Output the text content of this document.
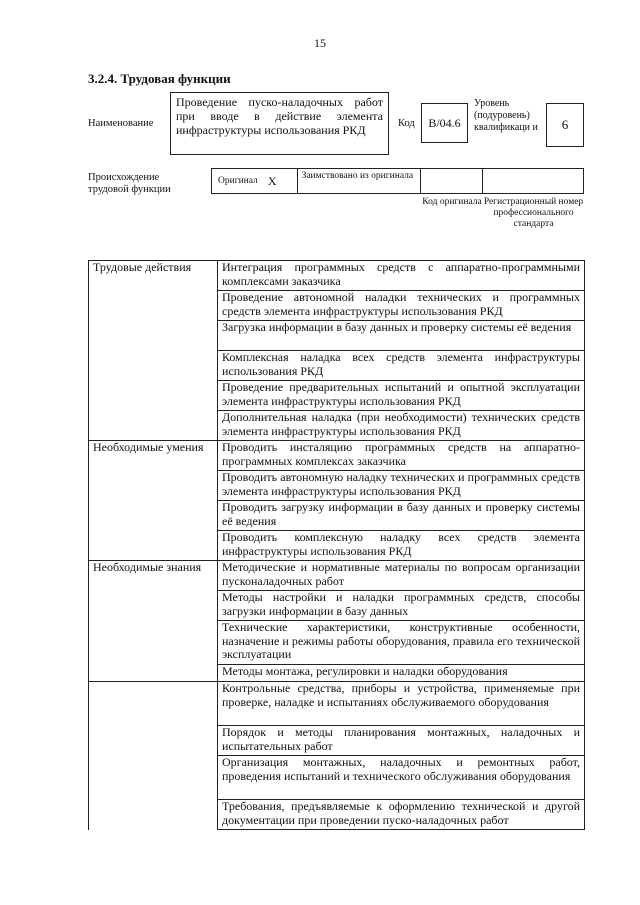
15
3.2.4. Трудовая функции
Наименование
Проведение пуско-наладочных работ при вводе в действие элемента инфраструктуры использования РКД	Код	В/04.6
Уровень (подуровень) квалификаци и	6
Происхождение трудовой функции
Оригинал X	Заимствовано из оригинала
Код оригинала Регистрационный номер профессионального стандарта
Трудовые действия	Интеграция программных средств с аппаратно-программными комплексами заказчика
	Проведение автономной наладки технических и программных средств элемента инфраструктуры использования РКД
	Загрузка информации в базу данных и проверку системы её ведения
	Комплексная наладка всех средств элемента инфраструктуры использования РКД
	Проведение предварительных испытаний и опытной эксплуатации элемента инфраструктуры использования РКД
	Дополнительная наладка (при необходимости) технических средств элемента инфраструктуры использования РКД
Необходимые умения	Проводить инсталяцию программных средств на аппаратно-программных комплексах заказчика
	Проводить автономную наладку технических и программных средств элемента инфраструктуры использования РКД
	Проводить загрузку информации в базу данных и проверку системы её ведения
	Проводить комплексную наладку всех средств элемента инфраструктуры использования РКД
Необходимые знания	Методические и нормативные материалы по вопросам организации пусконаладочных работ
	Методы настройки и наладки программных средств, способы загрузки информации в базу данных
	Технические характеристики, конструктивные особенности, назначение и режимы работы оборудования, правила его технической эксплуатации
	Методы монтажа, регулировки и наладки оборудования
	Контрольные средства, приборы и устройства, применяемые при проверке, наладке и испытаниях обслуживаемого оборудования
	Порядок и методы планирования монтажных, наладочных и испытательных работ
	Организация монтажных, наладочных и ремонтных работ, проведения испытаний и технического обслуживания оборудования
	Требования, предъявляемые к оформлению технической и другой документации при проведении пуско-наладочных работ
